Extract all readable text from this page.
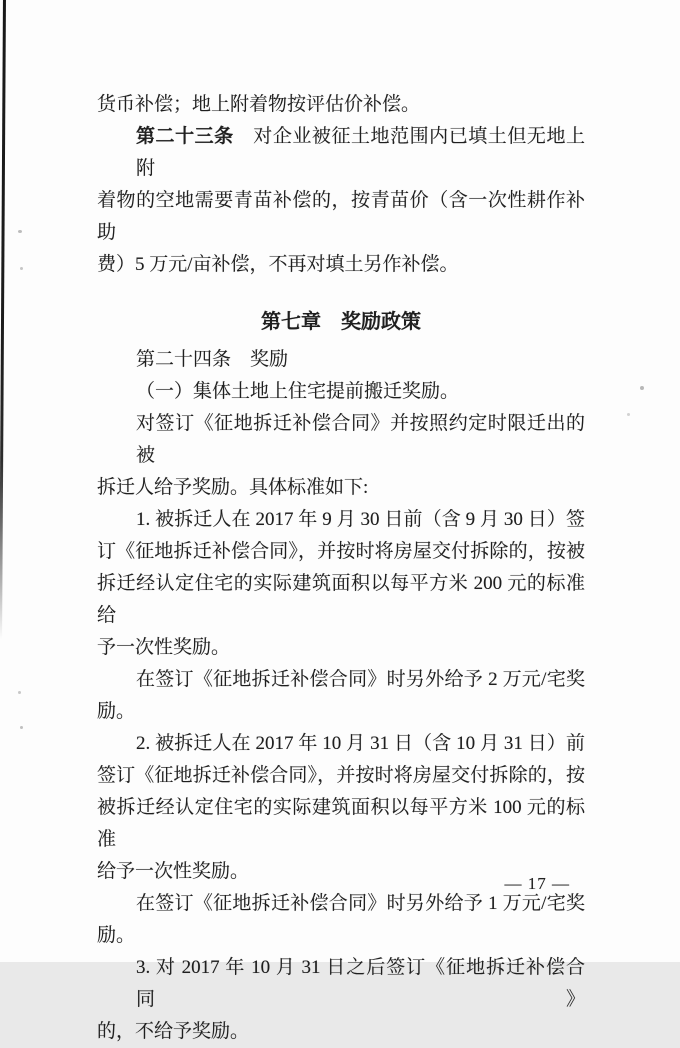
货币补偿；地上附着物按评估价补偿。
第二十三条　对企业被征土地范围内已填土但无地上附
着物的空地需要青苗补偿的，按青苗价（含一次性耕作补助
费）5 万元/亩补偿，不再对填土另作补偿。
第七章　奖励政策
第二十四条　奖励
（一）集体土地上住宅提前搬迁奖励。
对签订《征地拆迁补偿合同》并按照约定时限迁出的被
拆迁人给予奖励。具体标准如下:
1. 被拆迁人在 2017 年 9 月 30 日前（含 9 月 30 日）签
订《征地拆迁补偿合同》，并按时将房屋交付拆除的，按被
拆迁经认定住宅的实际建筑面积以每平方米 200 元的标准给
予一次性奖励。
在签订《征地拆迁补偿合同》时另外给予 2 万元/宅奖
励。
2. 被拆迁人在 2017 年 10 月 31 日（含 10 月 31 日）前
签订《征地拆迁补偿合同》，并按时将房屋交付拆除的，按
被拆迁经认定住宅的实际建筑面积以每平方米 100 元的标准
给予一次性奖励。
在签订《征地拆迁补偿合同》时另外给予 1 万元/宅奖
励。
3. 对 2017 年 10 月 31 日之后签订《征地拆迁补偿合同》
的，不给予奖励。
— 17 —
